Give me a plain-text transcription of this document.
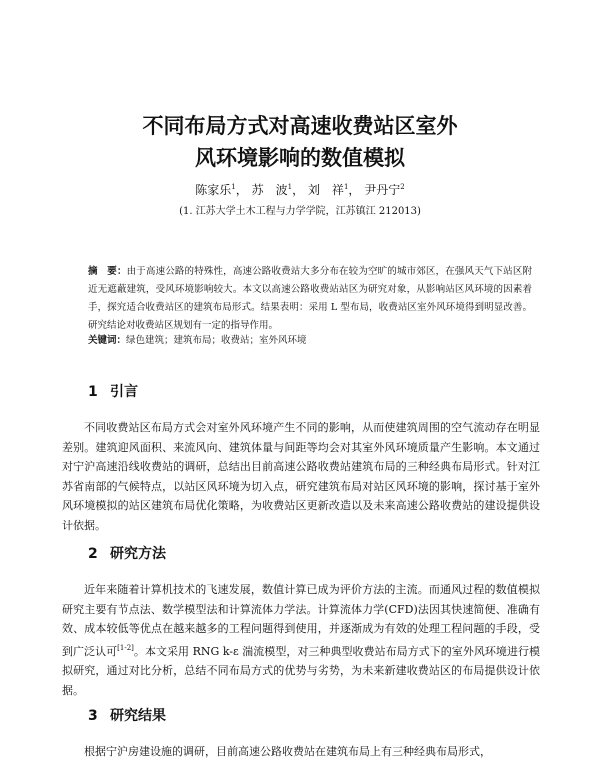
不同布局方式对高速收费站区室外
风环境影响的数值模拟
陈家乐$^1$， 苏　波$^1$， 刘　祥$^1$， 尹丹宁$^2$
(1. 江苏大学土木工程与力学学院，江苏镇江 212013)
摘　要：由于高速公路的特殊性，高速公路收费站大多分布在较为空旷的城市郊区，在强风天气下站区附近无遮蔽建筑，受风环境影响较大。本文以高速公路收费站站区为研究对象，从影响站区风环境的因素着手，探究适合收费站区的建筑布局形式。结果表明：采用 L 型布局，收费站区室外风环境得到明显改善。研究结论对收费站区规划有一定的指导作用。
关键词：绿色建筑；建筑布局；收费站；室外风环境
1 引言
不同收费站区布局方式会对室外风环境产生不同的影响，从而使建筑周围的空气流动存在明显差别。建筑迎风面积、来流风向、建筑体量与间距等均会对其室外风环境质量产生影响。本文通过对宁沪高速沿线收费站的调研，总结出目前高速公路收费站建筑布局的三种经典布局形式。针对江苏省南部的气候特点，以站区风环境为切入点，研究建筑布局对站区风环境的影响，探讨基于室外风环境模拟的站区建筑布局优化策略，为收费站区更新改造以及未来高速公路收费站的建设提供设计依据。
2 研究方法
近年来随着计算机技术的飞速发展，数值计算已成为评价方法的主流。而通风过程的数值模拟研究主要有节点法、数学模型法和计算流体力学法。计算流体力学(CFD)法因其快速简便、准确有效、成本较低等优点在越来越多的工程问题得到使用，并逐渐成为有效的处理工程问题的手段，受到广泛认可[1-2]。本文采用 RNG k-ε 湍流模型，对三种典型收费站布局方式下的室外风环境进行模拟研究，通过对比分析，总结不同布局方式的优势与劣势，为未来新建收费站区的布局提供设计依据。
3 研究结果
根据宁沪房建设施的调研，目前高速公路收费站在建筑布局上有三种经典布局形式，
